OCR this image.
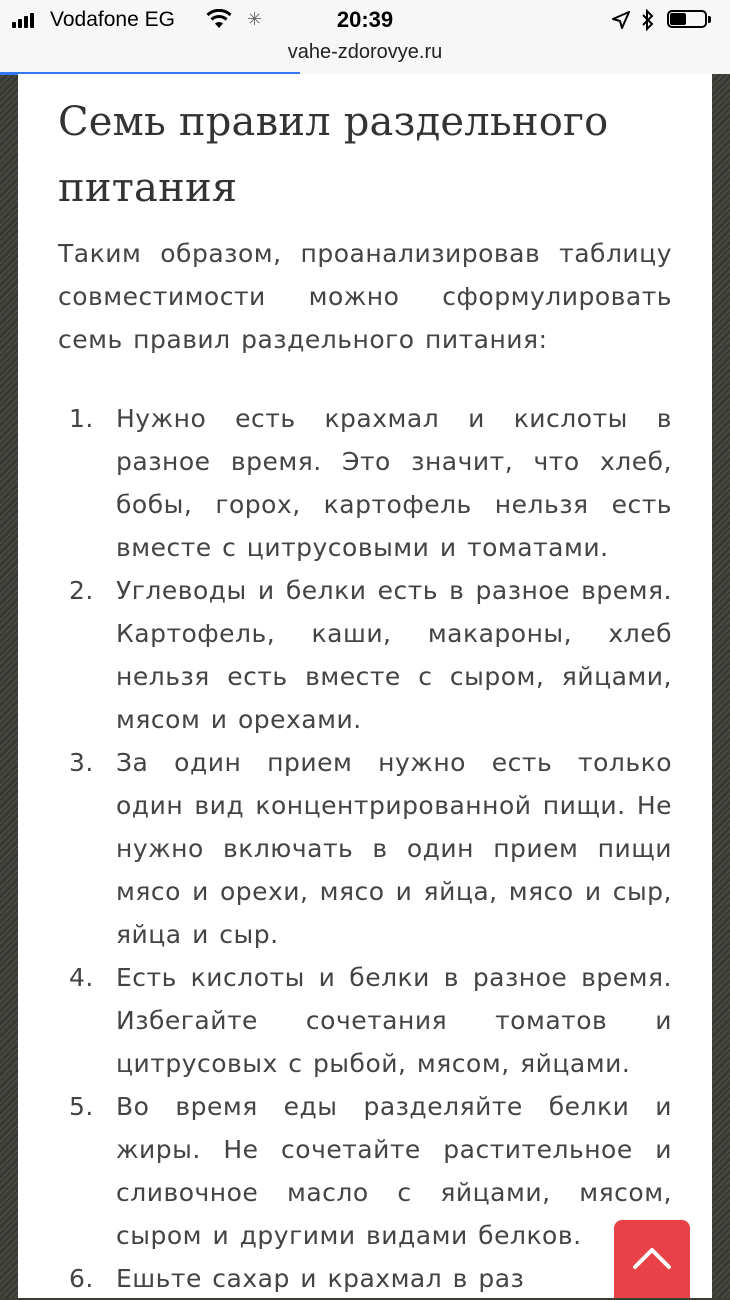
Vodafone EG	✳	20:39
vahe-zdorovye.ru
Семь правил раздельного питания

Таким образом, проанализировав таблицу совместимости можно сформулировать семь правил раздельного питания:

1. Нужно есть крахмал и кислоты в разное время. Это значит, что хлеб, бобы, горох, картофель нельзя есть вместе с цитрусовыми и томатами.
2. Углеводы и белки есть в разное время. Картофель, каши, макароны, хлеб нельзя есть вместе с сыром, яйцами, мясом и орехами.
3. За один прием нужно есть только один вид концентрированной пищи. Не нужно включать в один прием пищи мясо и орехи, мясо и яйца, мясо и сыр, яйца и сыр.
4. Есть кислоты и белки в разное время. Избегайте сочетания томатов и цитрусовых с рыбой, мясом, яйцами.
5. Во время еды разделяйте белки и жиры. Не сочетайте растительное и сливочное масло с яйцами, мясом, сыром и другими видами белков.
6. Ешьте сахар и крахмал в раз
